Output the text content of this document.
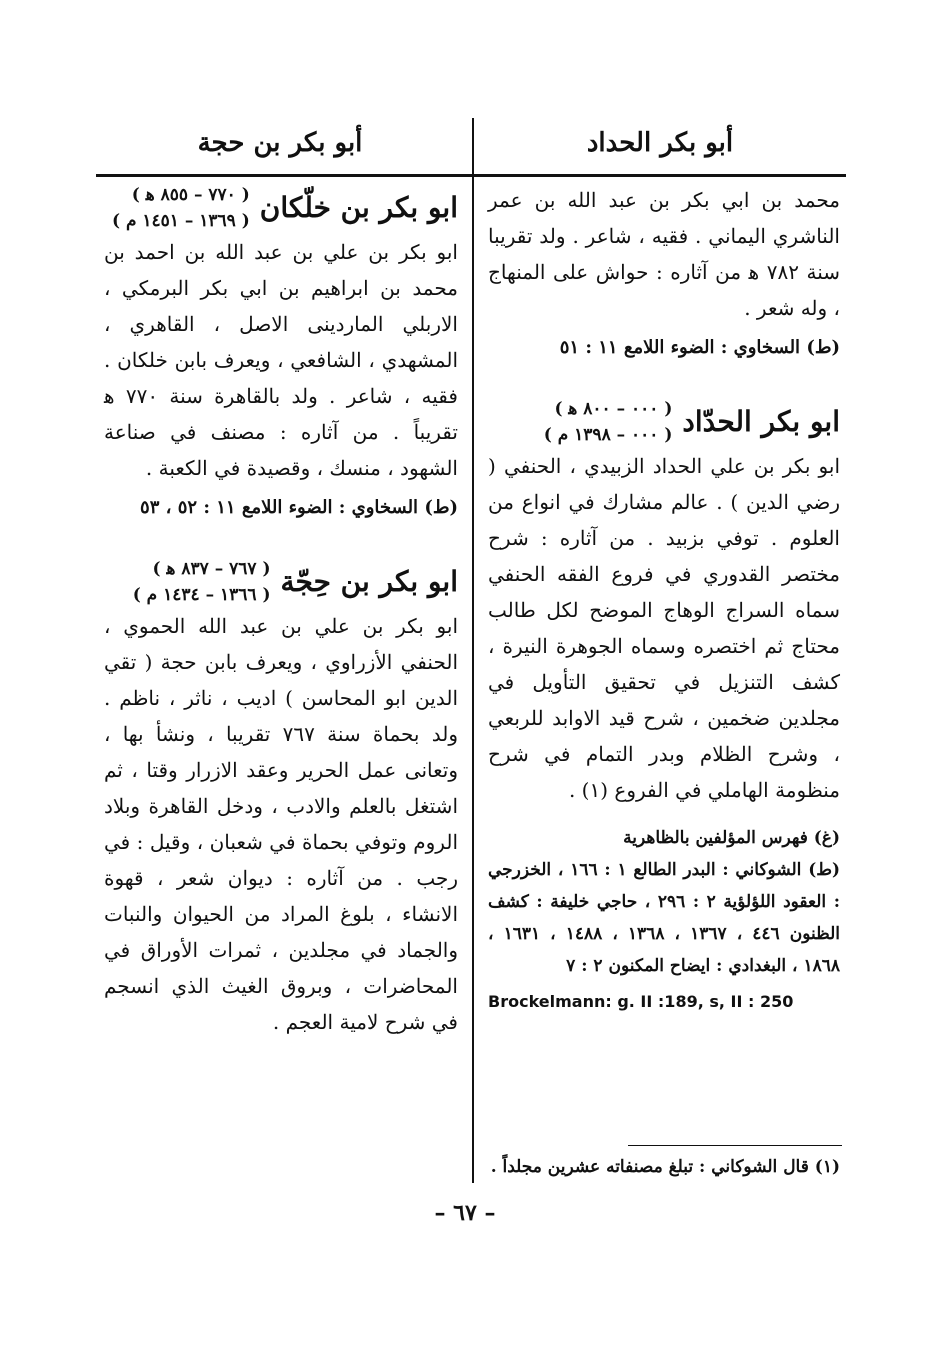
أبو بكر الحداد
أبو بكر بن حجة

محمد بن ابي بكر بن عبد الله بن عمر الناشري اليماني . فقيه ، شاعر . ولد تقريبا سنة ٧٨٢ ﻫ من آثاره : حواش على المنهاج ، وله شعر .

(ط) السخاوي : الضوء اللامع ١١ : ٥١

ابو بكر الحدّاد
( ٠٠٠ – ٨٠٠ ﻫ )
( ٠٠٠ – ١٣٩٨ م )

ابو بكر بن علي الحداد الزبيدي ، الحنفي ( رضي الدين ) . عالم مشارك في انواع من العلوم . توفي بزبيد . من آثاره : شرح مختصر القدوري في فروع الفقه الحنفي سماه السراج الوهاج الموضح لكل طالب محتاج ثم اختصره وسماه الجوهرة النيرة ، كشف التنزيل في تحقيق التأويل في مجلدين ضخمين ، شرح قيد الاوابد للربعي ، وشرح الظلام وبدر التمام في شرح منظومة الهاملي في الفروع (١) .

(غ) فهرس المؤلفين بالظاهرية

(ط) الشوكاني : البدر الطالع ١ : ١٦٦ ، الخزرجي : العقود اللؤلؤية ٢ : ٢٩٦ ، حاجي خليفة : كشف الظنون ٤٤٦ ، ١٣٦٧ ، ١٣٦٨ ، ١٤٨٨ ، ١٦٣١ ، ١٨٦٨ ، البغدادي : ايضاح المكنون ٢ : ٧

Brockelmann: g. II :189, s, II : 250

ابو بكر بن خلّكان
( ٧٧٠ – ٨٥٥ ﻫ )
( ١٣٦٩ – ١٤٥١ م )

ابو بكر بن علي بن عبد الله بن احمد بن محمد بن ابراهيم بن ابي بكر البرمكي ، الاربلي الماردينى الاصل ، القاهري ، المشهدي ، الشافعي ، ويعرف بابن خلكان . فقيه ، شاعر . ولد بالقاهرة سنة ٧٧٠ ﻫ تقريباً . من آثاره : مصنف في صناعة الشهود ، منسك ، وقصيدة في الكعبة .

(ط) السخاوي : الضوء اللامع ١١ : ٥٢ ، ٥٣

ابو بكر بن حِجّة
( ٧٦٧ – ٨٣٧ ﻫ )
( ١٣٦٦ – ١٤٣٤ م )

ابو بكر بن علي بن عبد الله الحموي ، الحنفي الأزراوي ، ويعرف بابن حجة ( تقي الدين ابو المحاسن ) اديب ، ناثر ، ناظم . ولد بحماة سنة ٧٦٧ تقريبا ، ونشأ بها ، وتعانى عمل الحرير وعقد الازرار وقتا ، ثم اشتغل بالعلم والادب ، ودخل القاهرة وبلاد الروم وتوفي بحماة في شعبان ، وقيل : في رجب . من آثاره : ديوان شعر ، قهوة الانشاء ، بلوغ المراد من الحيوان والنبات والجماد في مجلدين ، ثمرات الأوراق في المحاضرات ، وبروق الغيث الذي انسجم في شرح لامية العجم .

(١) قال الشوكاني : تبلغ مصنفاته عشرين مجلداً .
– ٦٧ –
